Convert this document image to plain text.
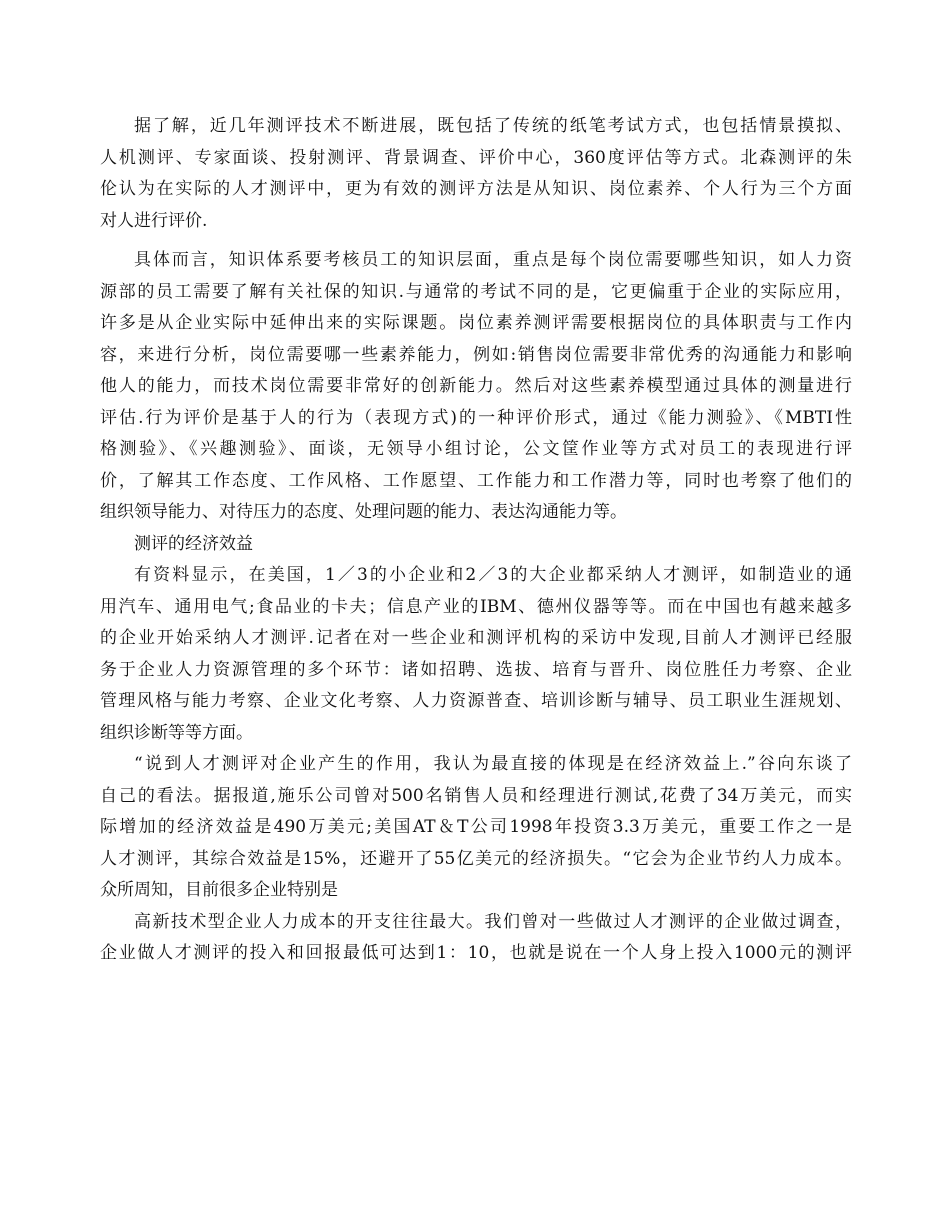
据了解，近几年测评技术不断进展，既包括了传统的纸笔考试方式，也包括情景摸拟、
人机测评、专家面谈、投射测评、背景调查、评价中心，360度评估等方式。北森测评的朱
伦认为在实际的人才测评中，更为有效的测评方法是从知识、岗位素养、个人行为三个方面
对人进行评价.
具体而言，知识体系要考核员工的知识层面，重点是每个岗位需要哪些知识，如人力资
源部的员工需要了解有关社保的知识.与通常的考试不同的是，它更偏重于企业的实际应用，
许多是从企业实际中延伸出来的实际课题。岗位素养测评需要根据岗位的具体职责与工作内
容，来进行分析，岗位需要哪一些素养能力，例如:销售岗位需要非常优秀的沟通能力和影响
他人的能力，而技术岗位需要非常好的创新能力。然后对这些素养模型通过具体的测量进行
评估.行为评价是基于人的行为（表现方式)的一种评价形式，通过《能力测验》、《MBTI性
格测验》、《兴趣测验》、面谈，无领导小组讨论，公文筐作业等方式对员工的表现进行评
价，了解其工作态度、工作风格、工作愿望、工作能力和工作潜力等，同时也考察了他们的
组织领导能力、对待压力的态度、处理问题的能力、表达沟通能力等。
测评的经济效益
有资料显示，在美国，1／3的小企业和2／3的大企业都采纳人才测评，如制造业的通
用汽车、通用电气;食品业的卡夫；信息产业的IBM、德州仪器等等。而在中国也有越来越多
的企业开始采纳人才测评.记者在对一些企业和测评机构的采访中发现,目前人才测评已经服
务于企业人力资源管理的多个环节：诸如招聘、选拔、培育与晋升、岗位胜任力考察、企业
管理风格与能力考察、企业文化考察、人力资源普查、培训诊断与辅导、员工职业生涯规划、
组织诊断等等方面。
“说到人才测评对企业产生的作用，我认为最直接的体现是在经济效益上.”谷向东谈了
自己的看法。据报道,施乐公司曾对500名销售人员和经理进行测试,花费了34万美元，而实
际增加的经济效益是490万美元;美国AT＆T公司1998年投资3.3万美元，重要工作之一是
人才测评，其综合效益是15%，还避开了55亿美元的经济损失。“它会为企业节约人力成本。
众所周知，目前很多企业特别是
高新技术型企业人力成本的开支往往最大。我们曾对一些做过人才测评的企业做过调查，
企业做人才测评的投入和回报最低可达到1：10，也就是说在一个人身上投入1000元的测评
